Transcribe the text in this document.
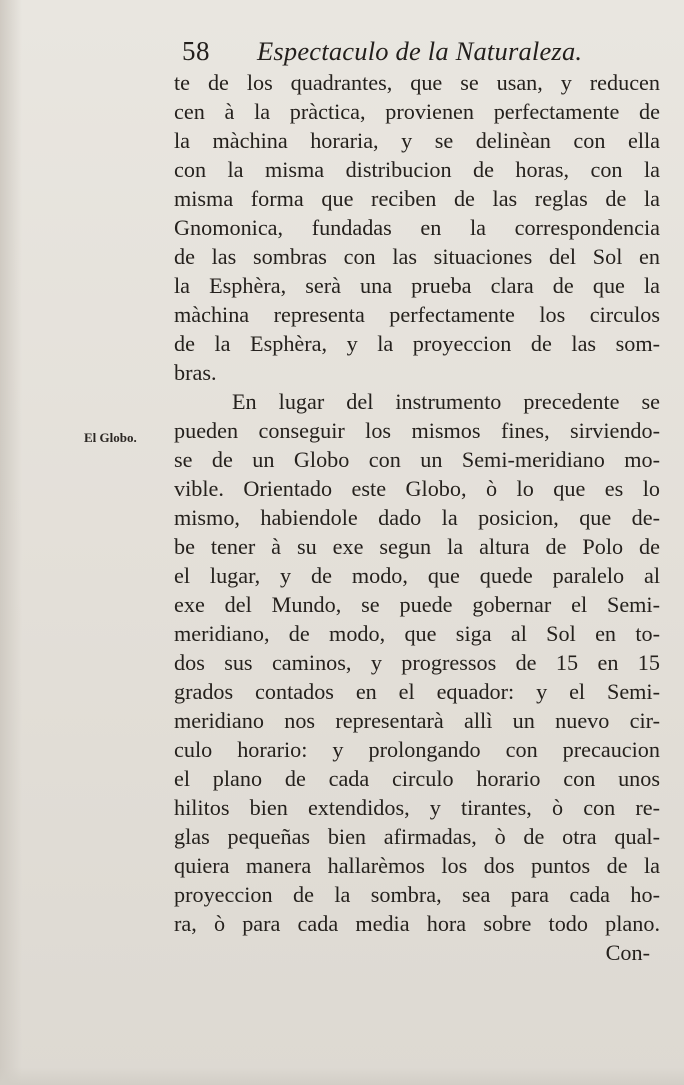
58 Espectaculo de la Naturaleza.
El Globo.
te de los quadrantes, que se usan, y reducen
cen à la pràctica, provienen perfectamente de
la màchina horaria, y se delinèan con ella
con la misma distribucion de horas, con la
misma forma que reciben de las reglas de la
Gnomonica, fundadas en la correspondencia
de las sombras con las situaciones del Sol en
la Esphèra, serà una prueba clara de que la
màchina representa perfectamente los circulos
de la Esphèra, y la proyeccion de las som-
bras.
En lugar del instrumento precedente se
pueden conseguir los mismos fines, sirviendo-
se de un Globo con un Semi-meridiano mo-
vible. Orientado este Globo, ò lo que es lo
mismo, habiendole dado la posicion, que de-
be tener à su exe segun la altura de Polo de
el lugar, y de modo, que quede paralelo al
exe del Mundo, se puede gobernar el Semi-
meridiano, de modo, que siga al Sol en to-
dos sus caminos, y progressos de 15 en 15
grados contados en el equador: y el Semi-
meridiano nos representarà allì un nuevo cir-
culo horario: y prolongando con precaucion
el plano de cada circulo horario con unos
hilitos bien extendidos, y tirantes, ò con re-
glas pequeñas bien afirmadas, ò de otra qual-
quiera manera hallarèmos los dos puntos de la
proyeccion de la sombra, sea para cada ho-
ra, ò para cada media hora sobre todo plano.
Con-
